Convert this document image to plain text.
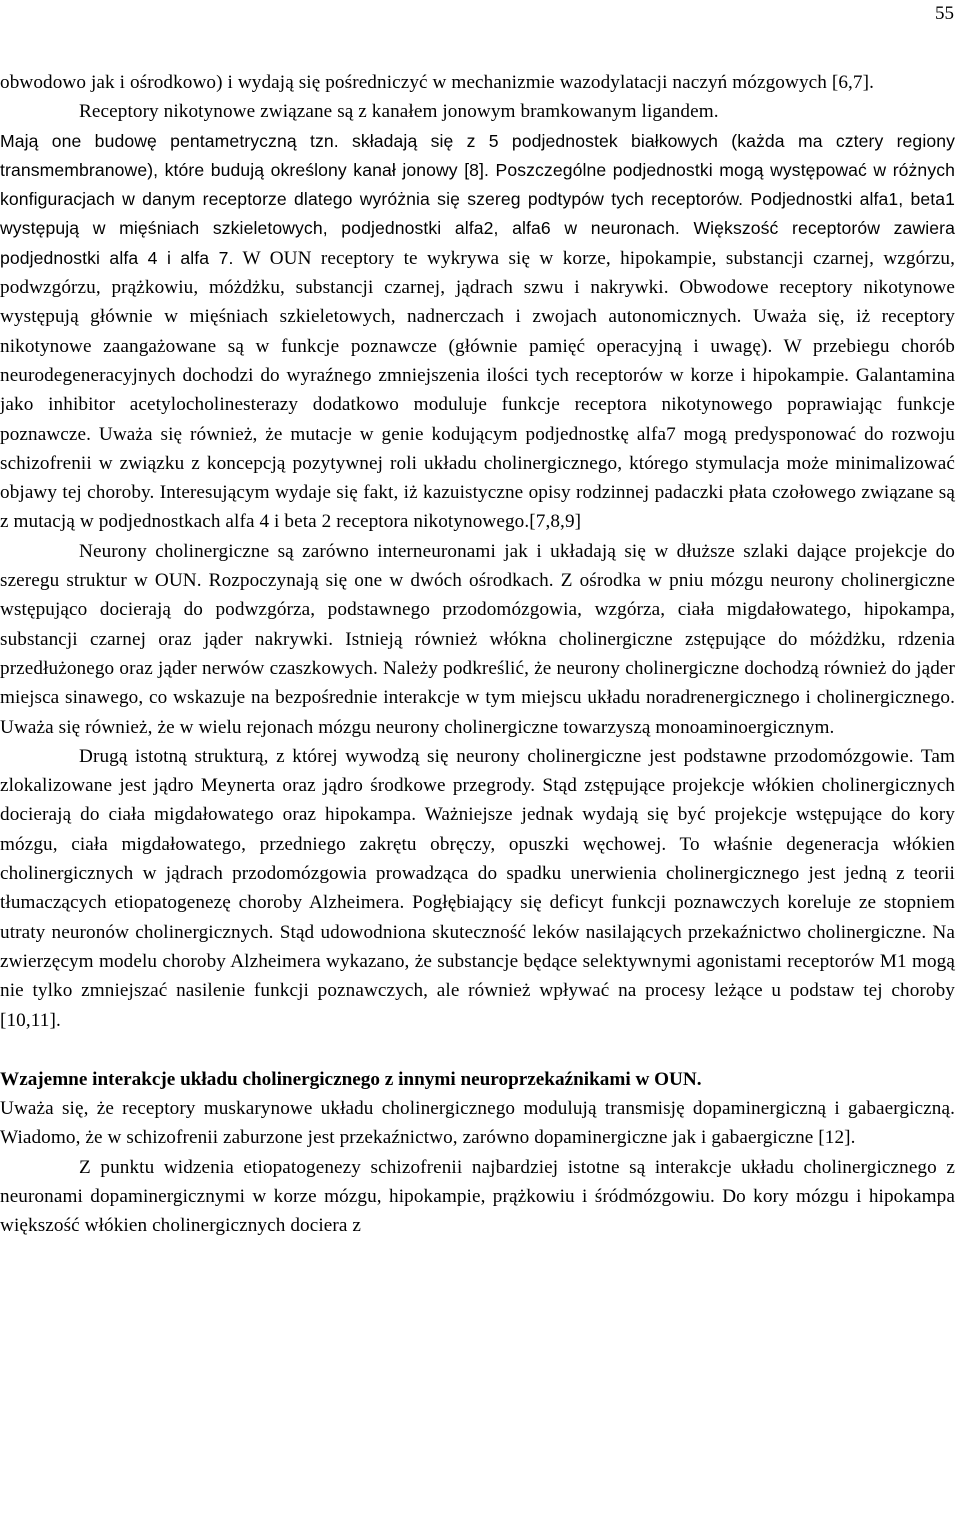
55

obwodowo jak i ośrodkowo) i wydają się pośredniczyć w mechanizmie wazodylatacji naczyń mózgowych [6,7].

Receptory nikotynowe związane są z kanałem jonowym bramkowanym ligandem.

Mają one budowę pentametryczną tzn. składają się z 5 podjednostek białkowych (każda ma cztery regiony transmembranowe), które budują określony kanał jonowy [8]. Poszczególne podjednostki mogą występować w różnych konfiguracjach w danym receptorze dlatego wyróżnia się szereg podtypów tych receptorów. Podjednostki alfa1, beta1 występują w mięśniach szkieletowych, podjednostki alfa2, alfa6 w neuronach. Większość receptorów zawiera podjednostki alfa 4 i alfa 7. W OUN receptory te wykrywa się w korze, hipokampie, substancji czarnej, wzgórzu, podwzgórzu, prążkowiu, móżdżku, substancji czarnej, jądrach szwu i nakrywki. Obwodowe receptory nikotynowe występują głównie w mięśniach szkieletowych, nadnerczach i zwojach autonomicznych. Uważa się, iż receptory nikotynowe zaangażowane są w funkcje poznawcze (głównie pamięć operacyjną i uwagę). W przebiegu chorób neurodegeneracyjnych dochodzi do wyraźnego zmniejszenia ilości tych receptorów w korze i hipokampie. Galantamina jako inhibitor acetylocholinesterazy dodatkowo moduluje funkcje receptora nikotynowego poprawiając funkcje poznawcze. Uważa się również, że mutacje w genie kodującym podjednostkę alfa7 mogą predysponować do rozwoju schizofrenii w związku z koncepcją pozytywnej roli układu cholinergicznego, którego stymulacja może minimalizować objawy tej choroby. Interesującym wydaje się fakt, iż kazuistyczne opisy rodzinnej padaczki płata czołowego związane są z mutacją w podjednostkach alfa 4 i beta 2 receptora nikotynowego.[7,8,9]

Neurony cholinergiczne są zarówno interneuronami jak i układają się w dłuższe szlaki dające projekcje do szeregu struktur w OUN. Rozpoczynają się one w dwóch ośrodkach. Z ośrodka w pniu mózgu neurony cholinergiczne wstępująco docierają do podwzgórza, podstawnego przodomózgowia, wzgórza, ciała migdałowatego, hipokampa, substancji czarnej oraz jąder nakrywki. Istnieją również włókna cholinergiczne zstępujące do móżdżku, rdzenia przedłużonego oraz jąder nerwów czaszkowych. Należy podkreślić, że neurony cholinergiczne dochodzą również do jąder miejsca sinawego, co wskazuje na bezpośrednie interakcje w tym miejscu układu noradrenergicznego i cholinergicznego. Uważa się również, że w wielu rejonach mózgu neurony cholinergiczne towarzyszą monoaminoergicznym.

Drugą istotną strukturą, z której wywodzą się neurony cholinergiczne jest podstawne przodomózgowie. Tam zlokalizowane jest jądro Meynerta oraz jądro środkowe przegrody. Stąd zstępujące projekcje włókien cholinergicznych docierają do ciała migdałowatego oraz hipokampa. Ważniejsze jednak wydają się być projekcje wstępujące do kory mózgu, ciała migdałowatego, przedniego zakrętu obręczy, opuszki węchowej. To właśnie degeneracja włókien cholinergicznych w jądrach przodomózgowia prowadząca do spadku unerwienia cholinergicznego jest jedną z teorii tłumaczących etiopatogenezę choroby Alzheimera. Pogłębiający się deficyt funkcji poznawczych koreluje ze stopniem utraty neuronów cholinergicznych. Stąd udowodniona skuteczność leków nasilających przekaźnictwo cholinergiczne. Na zwierzęcym modelu choroby Alzheimera wykazano, że substancje będące selektywnymi agonistami receptorów M1 mogą nie tylko zmniejszać nasilenie funkcji poznawczych, ale również wpływać na procesy leżące u podstaw tej choroby [10,11].

Wzajemne interakcje układu cholinergicznego z innymi neuroprzekaźnikami w OUN.

Uważa się, że receptory muskarynowe układu cholinergicznego modulują transmisję dopaminergiczną i gabaergiczną. Wiadomo, że w schizofrenii zaburzone jest przekaźnictwo, zarówno dopaminergiczne jak i gabaergiczne [12].

Z punktu widzenia etiopatogenezy schizofrenii najbardziej istotne są interakcje układu cholinergicznego z neuronami dopaminergicznymi w korze mózgu, hipokampie, prążkowiu i śródmózgowiu. Do kory mózgu i hipokampa większość włókien cholinergicznych dociera z
